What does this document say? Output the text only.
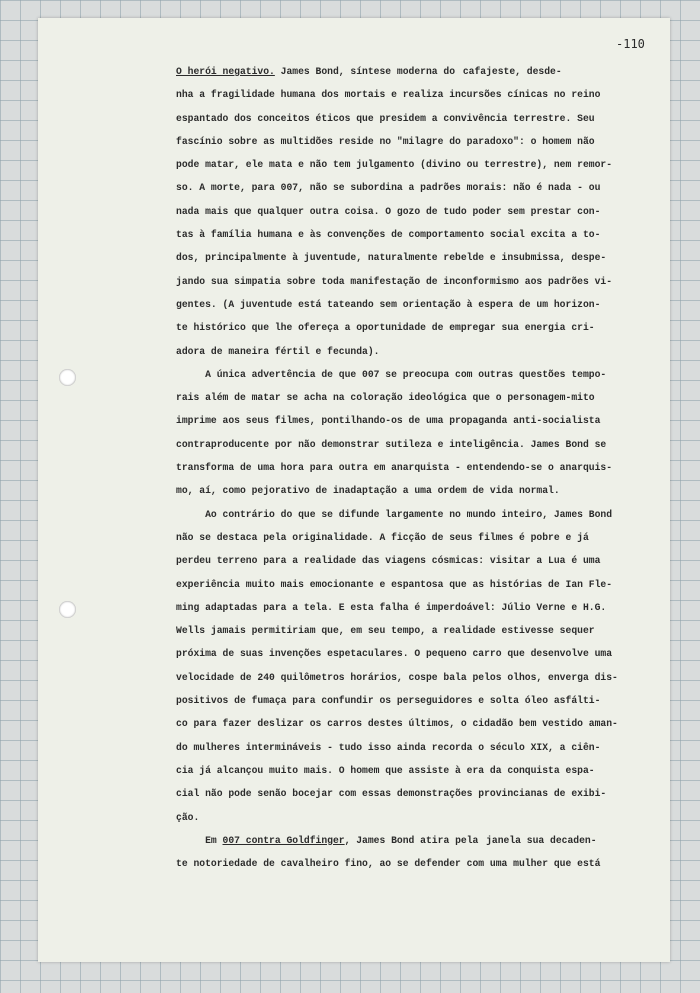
-110
O herói negativo. James Bond, síntese moderna do  cafajeste, desde-
nha a fragilidade humana dos mortais e realiza incursões cínicas no reino
espantado dos conceitos éticos que presidem a convivência terrestre. Seu
fascínio sobre as multidões reside no "milagre do paradoxo": o homem não
pode matar, ele mata e não tem julgamento (divino ou terrestre), nem remor-
so. A morte, para 007, não se subordina a padrões morais: não é nada - ou
nada mais que qualquer outra coisa. O gozo de tudo poder sem prestar con-
tas à família humana e às convenções de comportamento social excita a to-
dos, principalmente à juventude, naturalmente rebelde e insubmissa, despe-
jando sua simpatia sobre toda manifestação de inconformismo aos padrões vi-
gentes. (A juventude está tateando sem orientação à espera de um horizon-
te histórico que lhe ofereça a oportunidade de empregar sua energia cri-
adora de maneira fértil e fecunda).
A única advertência de que 007 se preocupa com outras questões tempo-
rais além de matar se acha na coloração ideológica que o personagem-mito
imprime aos seus filmes, pontilhando-os de uma propaganda anti-socialista
contraproducente por não demonstrar sutileza e inteligência. James Bond se
transforma de uma hora para outra em anarquista - entendendo-se o anarquis-
mo, aí, como pejorativo de inadaptação a uma ordem de vida normal.
Ao contrário do que se difunde largamente no mundo inteiro, James Bond
não se destaca pela originalidade. A ficção de seus filmes é pobre e já
perdeu terreno para a realidade das viagens cósmicas: visitar a Lua é uma
experiência muito mais emocionante e espantosa que as histórias de Ian Fle-
ming adaptadas para a tela. E esta falha é imperdoável: Júlio Verne e H.G.
Wells jamais permitiriam que, em seu tempo, a realidade estivesse sequer
próxima de suas invenções espetaculares. O pequeno carro que desenvolve uma
velocidade de 240 quilômetros horários, cospe bala pelos olhos, enverga dis-
positivos de fumaça para confundir os perseguidores e solta óleo asfálti-
co para fazer deslizar os carros destes últimos, o cidadão bem vestido aman-
do mulheres intermináveis - tudo isso ainda recorda o século XIX, a ciên-
cia já alcançou muito mais. O homem que assiste à era da conquista espa-
cial não pode senão bocejar com essas demonstrações provincianas de exibi-
ção.
Em 007 contra Goldfinger, James Bond atira pela  janela sua decaden-
te notoriedade de cavalheiro fino, ao se defender com uma mulher que está
